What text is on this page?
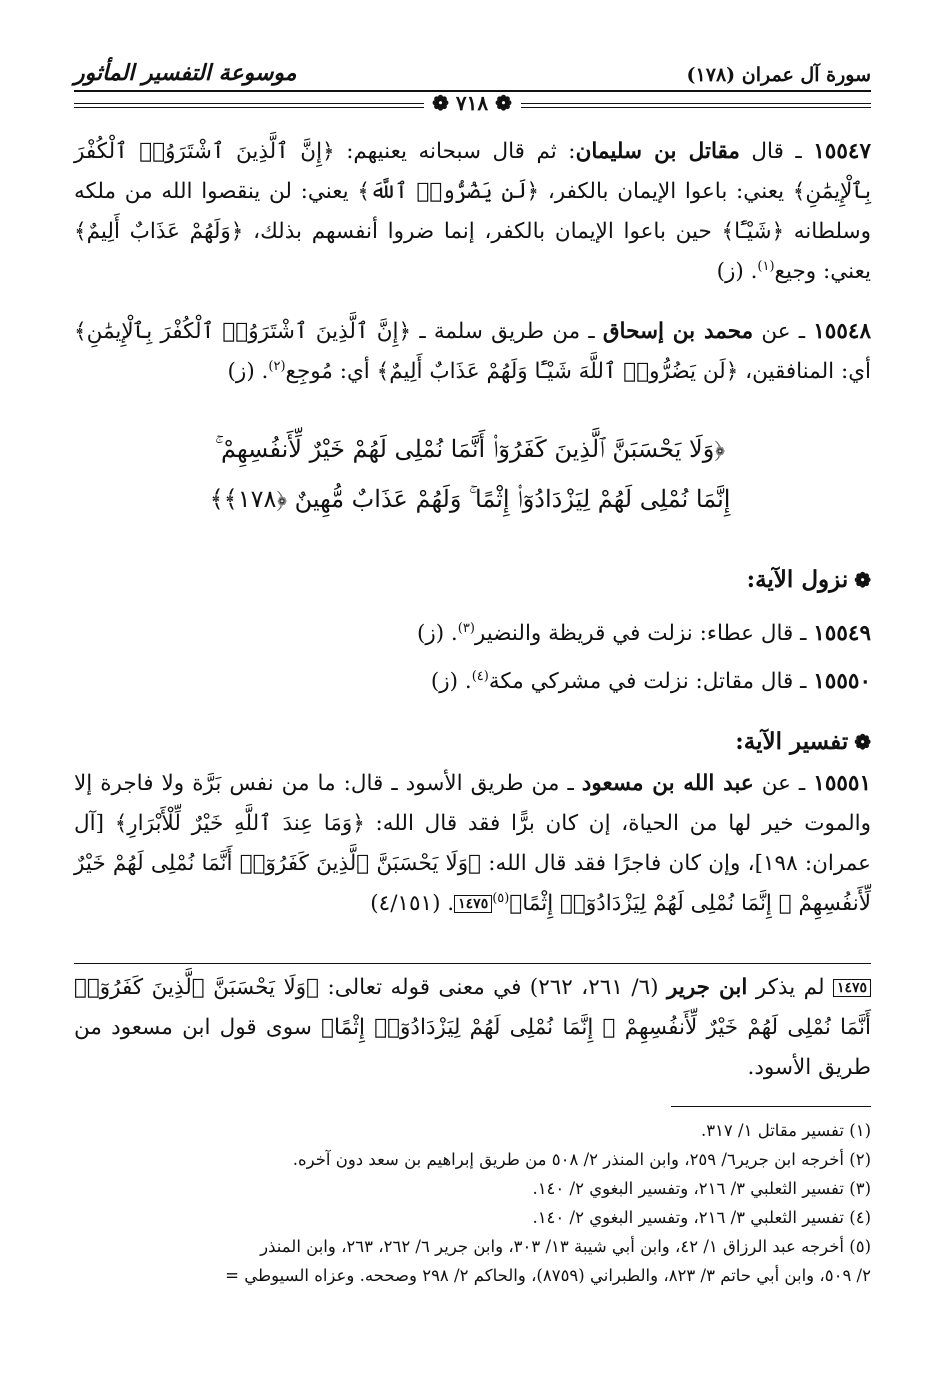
سورة آل عمران (١٧٨)
موسوعة التفسير المأثور
❁ ٧١٨ ❁
١٥٥٤٧ ـ قال مقاتل بن سليمان: ثم قال سبحانه يعنيهم: ﴿إِنَّ ٱلَّذِينَ ٱشْتَرَوُا۟ ٱلْكُفْرَ بِٱلْإِيمَٰنِ﴾ يعني: باعوا الإيمان بالكفر، ﴿لَن يَضُرُّوا۟ ٱللَّهَ﴾ يعني: لن ينقصوا الله من ملكه وسلطانه ﴿شَيْـًٔا﴾ حين باعوا الإيمان بالكفر، إنما ضروا أنفسهم بذلك، ﴿وَلَهُمْ عَذَابٌ أَلِيمٌ﴾ يعني: وجيع$^{(١)}$. (ز)
١٥٥٤٨ ـ عن محمد بن إسحاق ـ من طريق سلمة ـ ﴿إِنَّ ٱلَّذِينَ ٱشْتَرَوُا۟ ٱلْكُفْرَ بِٱلْإِيمَٰنِ﴾ أي: المنافقين، ﴿لَن يَضُرُّوا۟ ٱللَّهَ شَيْـًٔا وَلَهُمْ عَذَابٌ أَلِيمٌ﴾ أي: مُوجِع$^{(٢)}$. (ز)
﴿وَلَا يَحْسَبَنَّ ٱلَّذِينَ كَفَرُوٓا۟ أَنَّمَا نُمْلِى لَهُمْ خَيْرٌ لِّأَنفُسِهِمْ ۚ
إِنَّمَا نُمْلِى لَهُمْ لِيَزْدَادُوٓا۟ إِثْمًا ۚ وَلَهُمْ عَذَابٌ مُّهِينٌ ﴿١٧٨﴾﴾
❁نزول الآية:
١٥٥٤٩ ـ قال عطاء: نزلت في قريظة والنضير$^{(٣)}$. (ز)
١٥٥٥٠ ـ قال مقاتل: نزلت في مشركي مكة$^{(٤)}$. (ز)
❁تفسير الآية:
١٥٥٥١ ـ عن عبد الله بن مسعود ـ من طريق الأسود ـ قال: ما من نفس بَرَّة ولا فاجرة إلا والموت خير لها من الحياة، إن كان برًّا فقد قال الله: ﴿وَمَا عِندَ ٱللَّهِ خَيْرٌ لِّلْأَبْرَارِ﴾ [آل عمران: ١٩٨]، وإن كان فاجرًا فقد قال الله: ﴿وَلَا يَحْسَبَنَّ ٱلَّذِينَ كَفَرُوٓا۟ أَنَّمَا نُمْلِى لَهُمْ خَيْرٌ لِّأَنفُسِهِمْ ۚ إِنَّمَا نُمْلِى لَهُمْ لِيَزْدَادُوٓا۟ إِثْمًا﴾$^{(٥)}$١٤٧٥. (٤/١٥١)
١٤٧٥ لم يذكر ابن جرير (٦/ ٢٦١، ٢٦٢) في معنى قوله تعالى: ﴿وَلَا يَحْسَبَنَّ ٱلَّذِينَ كَفَرُوٓا۟ أَنَّمَا نُمْلِى لَهُمْ خَيْرٌ لِّأَنفُسِهِمْ ۚ إِنَّمَا نُمْلِى لَهُمْ لِيَزْدَادُوٓا۟ إِثْمًا﴾ سوى قول ابن مسعود من طريق الأسود.
(١) تفسير مقاتل ١/ ٣١٧.
(٢) أخرجه ابن جرير٦/ ٢٥٩، وابن المنذر ٢/ ٥٠٨ من طريق إبراهيم بن سعد دون آخره.
(٣) تفسير الثعلبي ٣/ ٢١٦، وتفسير البغوي ٢/ ١٤٠.
(٤) تفسير الثعلبي ٣/ ٢١٦، وتفسير البغوي ٢/ ١٤٠.
(٥) أخرجه عبد الرزاق ١/ ٤٢، وابن أبي شيبة ١٣/ ٣٠٣، وابن جرير ٦/ ٢٦٢، ٢٦٣، وابن المنذر
٢/ ٥٠٩، وابن أبي حاتم ٣/ ٨٢٣، والطبراني (٨٧٥٩)، والحاكم ٢/ ٢٩٨ وصححه. وعزاه السيوطي =
